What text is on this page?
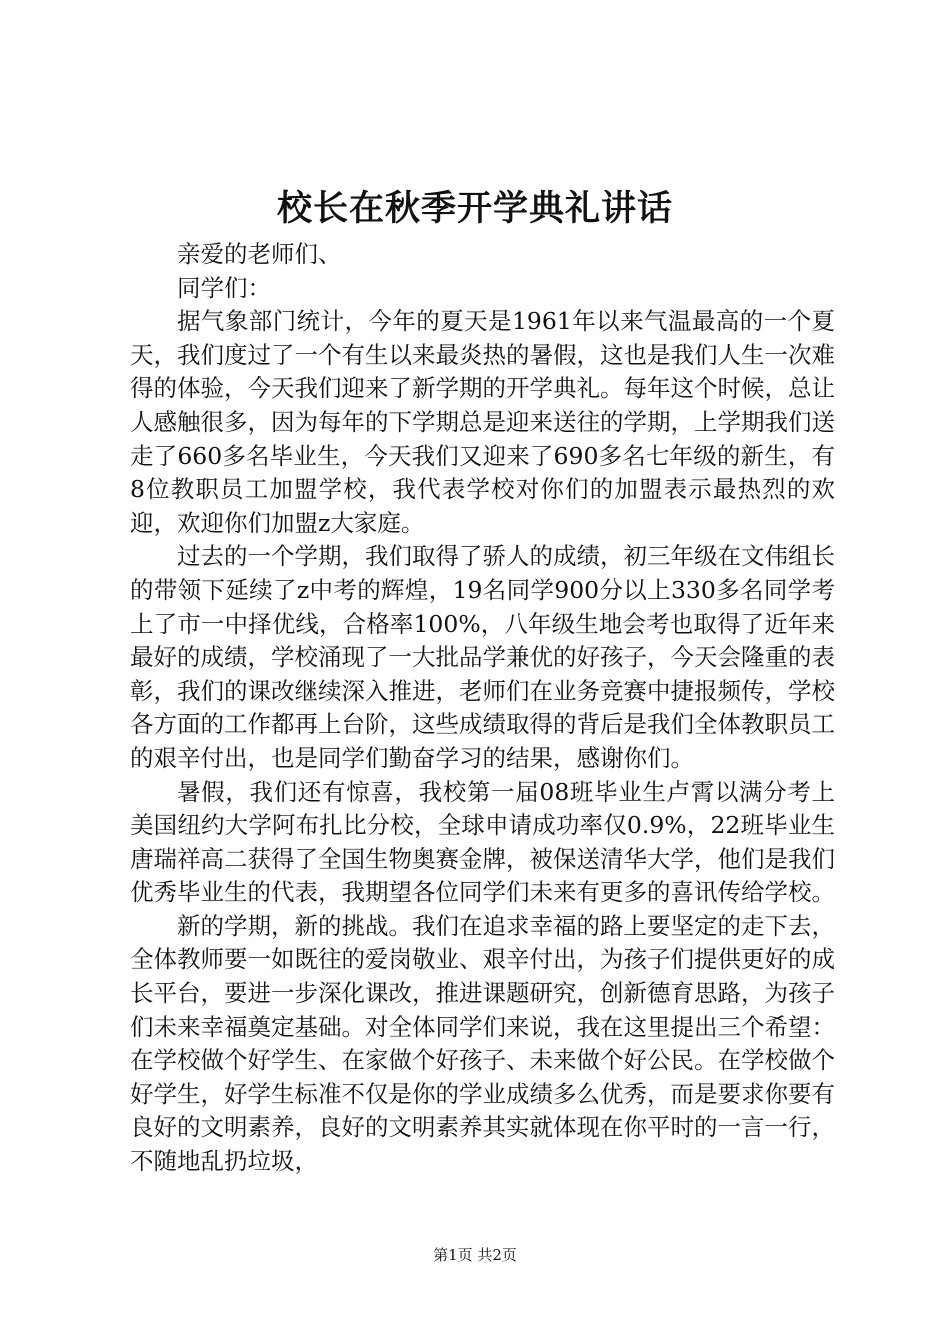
校长在秋季开学典礼讲话

亲爱的老师们、

同学们：

据气象部门统计，今年的夏天是1961年以来气温最高的一个夏天，我们度过了一个有生以来最炎热的暑假，这也是我们人生一次难得的体验，今天我们迎来了新学期的开学典礼。每年这个时候，总让人感触很多，因为每年的下学期总是迎来送往的学期，上学期我们送走了660多名毕业生，今天我们又迎来了690多名七年级的新生，有8位教职员工加盟学校，我代表学校对你们的加盟表示最热烈的欢迎，欢迎你们加盟z大家庭。

过去的一个学期，我们取得了骄人的成绩，初三年级在文伟组长的带领下延续了z中考的辉煌，19名同学900分以上330多名同学考上了市一中择优线，合格率100%，八年级生地会考也取得了近年来最好的成绩，学校涌现了一大批品学兼优的好孩子，今天会隆重的表彰，我们的课改继续深入推进，老师们在业务竞赛中捷报频传，学校各方面的工作都再上台阶，这些成绩取得的背后是我们全体教职员工的艰辛付出，也是同学们勤奋学习的结果，感谢你们。

暑假，我们还有惊喜，我校第一届08班毕业生卢霄以满分考上美国纽约大学阿布扎比分校，全球申请成功率仅0.9%，22班毕业生唐瑞祥高二获得了全国生物奥赛金牌，被保送清华大学，他们是我们优秀毕业生的代表，我期望各位同学们未来有更多的喜讯传给学校。

新的学期，新的挑战。我们在追求幸福的路上要坚定的走下去，全体教师要一如既往的爱岗敬业、艰辛付出，为孩子们提供更好的成长平台，要进一步深化课改，推进课题研究，创新德育思路，为孩子们未来幸福奠定基础。对全体同学们来说，我在这里提出三个希望：在学校做个好学生、在家做个好孩子、未来做个好公民。在学校做个好学生，好学生标准不仅是你的学业成绩多么优秀，而是要求你要有良好的文明素养，良好的文明素养其实就体现在你平时的一言一行，不随地乱扔垃圾，

第1页 共2页
